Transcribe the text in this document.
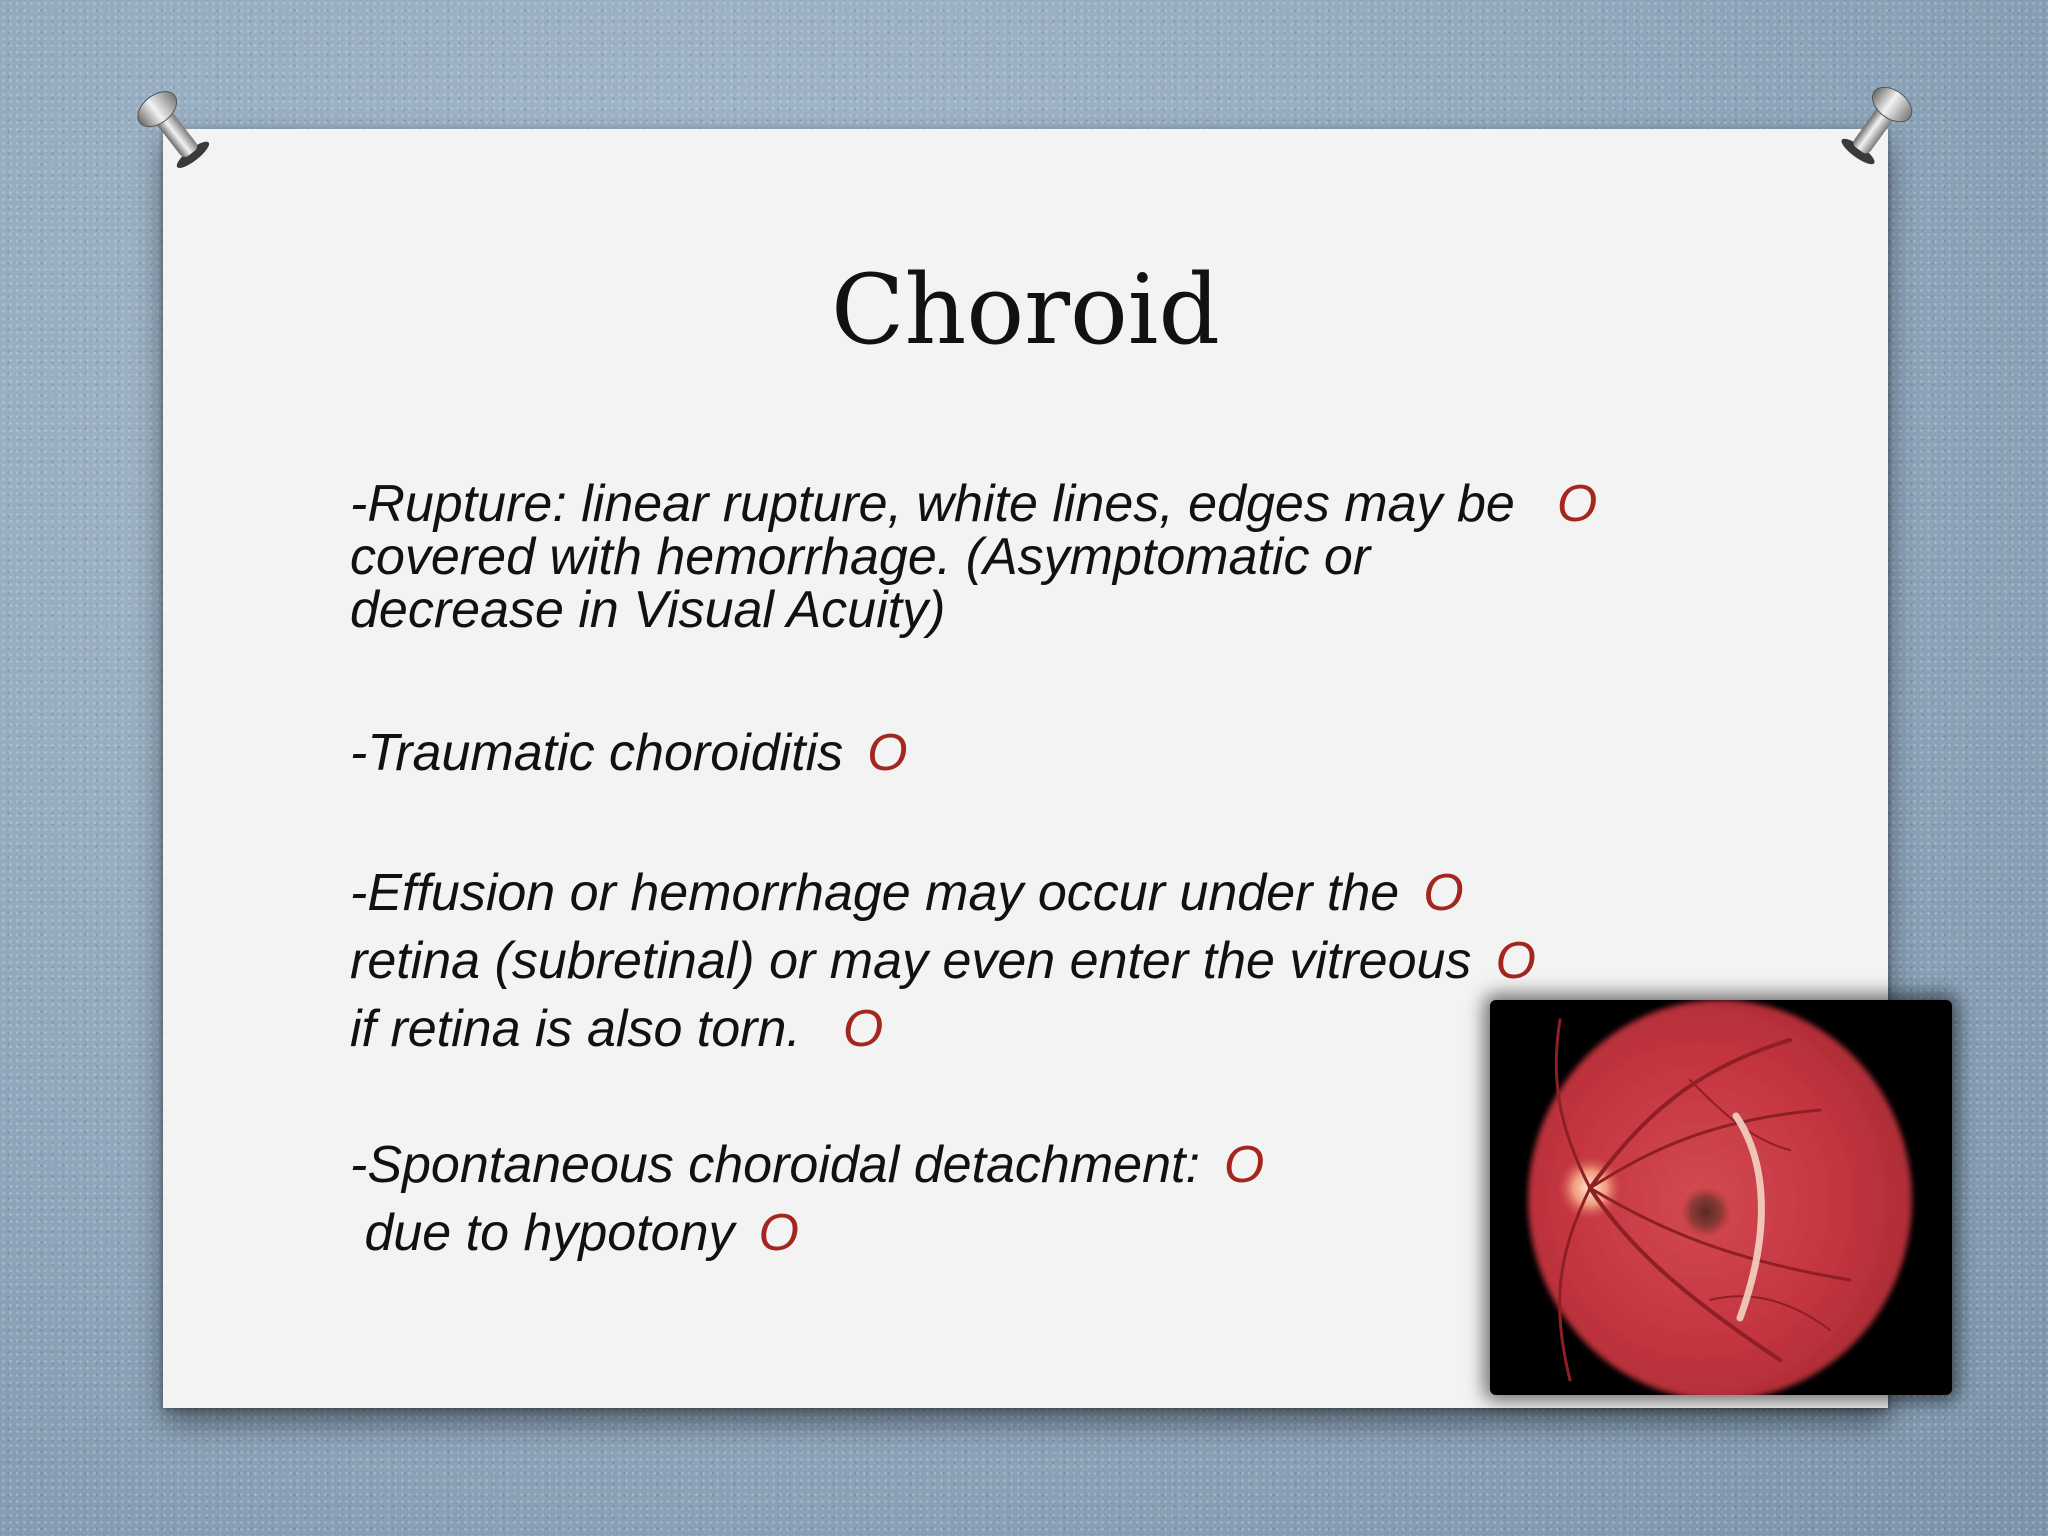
Choroid
-Rupture: linear rupture, white lines, edges may be O
covered with hemorrhage. (Asymptomatic or
decrease in Visual Acuity)
-Traumatic choroiditis O
-Effusion or hemorrhage may occur under the O
retina (subretinal) or may even enter the vitreous O
if retina is also torn. O
-Spontaneous choroidal detachment: O
due to hypotony O
